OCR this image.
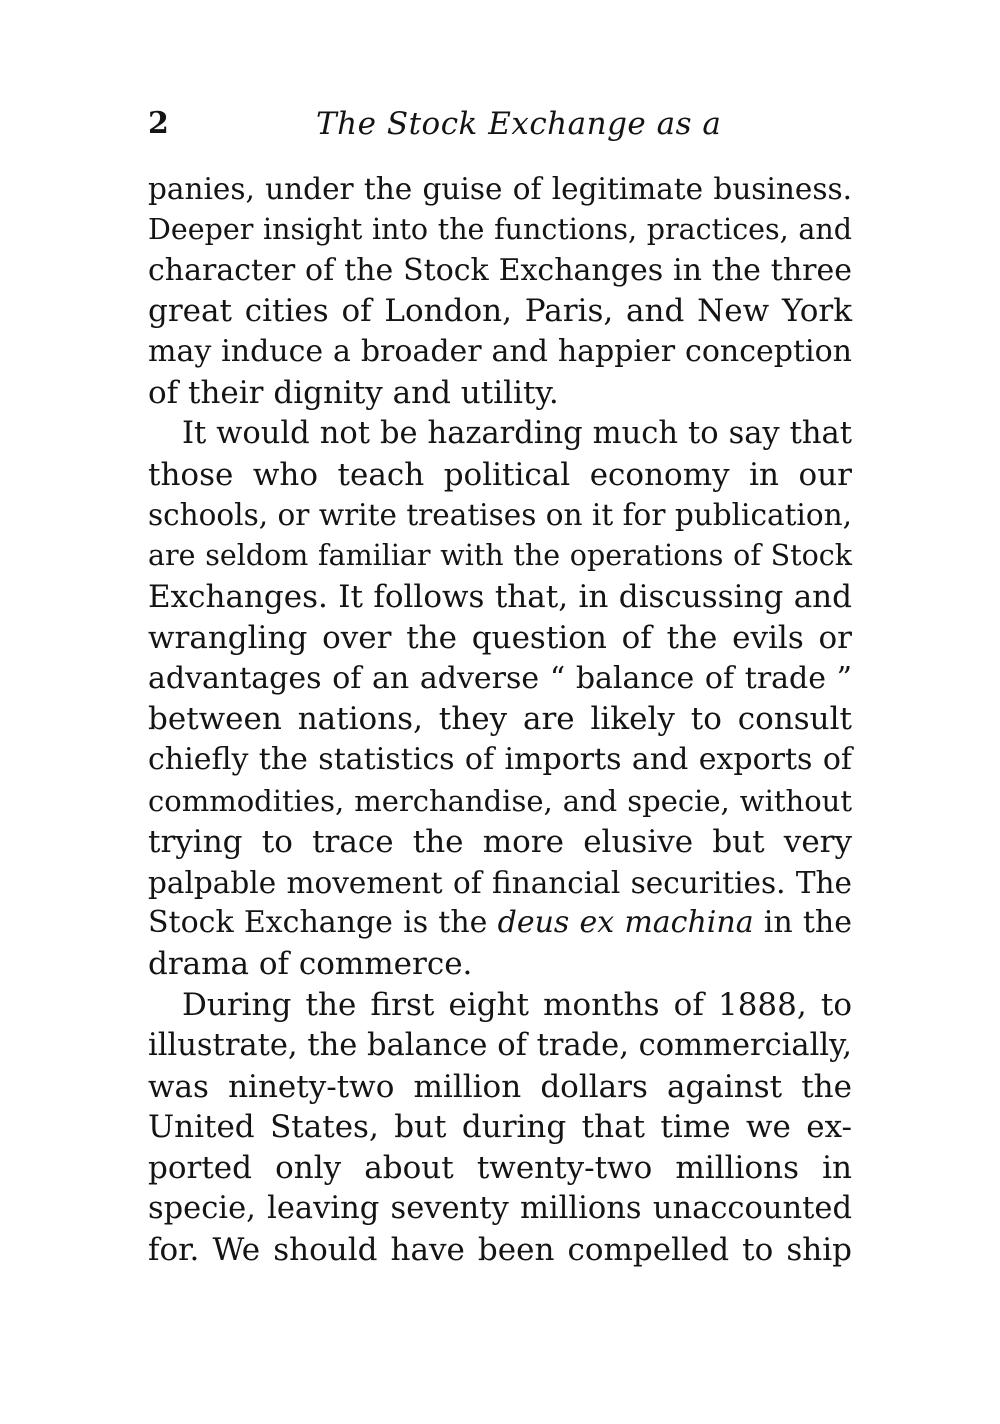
2	The Stock Exchange as a
panies, under the guise of legitimate business.
Deeper insight into the functions, practices, and
character of the Stock Exchanges in the three
great cities of London, Paris, and New York
may induce a broader and happier conception
of their dignity and utility.
It would not be hazarding much to say that
those who teach political economy in our
schools, or write treatises on it for publication,
are seldom familiar with the operations of Stock
Exchanges. It follows that, in discussing and
wrangling over the question of the evils or
advantages of an adverse “ balance of trade ”
between nations, they are likely to consult
chiefly the statistics of imports and exports of
commodities, merchandise, and specie, without
trying to trace the more elusive but very
palpable movement of financial securities. The
Stock Exchange is the deus ex machina in the
drama of commerce.
During the first eight months of 1888, to
illustrate, the balance of trade, commercially,
was ninety-two million dollars against the
United States, but during that time we ex-
ported only about twenty-two millions in
specie, leaving seventy millions unaccounted
for. We should have been compelled to ship
